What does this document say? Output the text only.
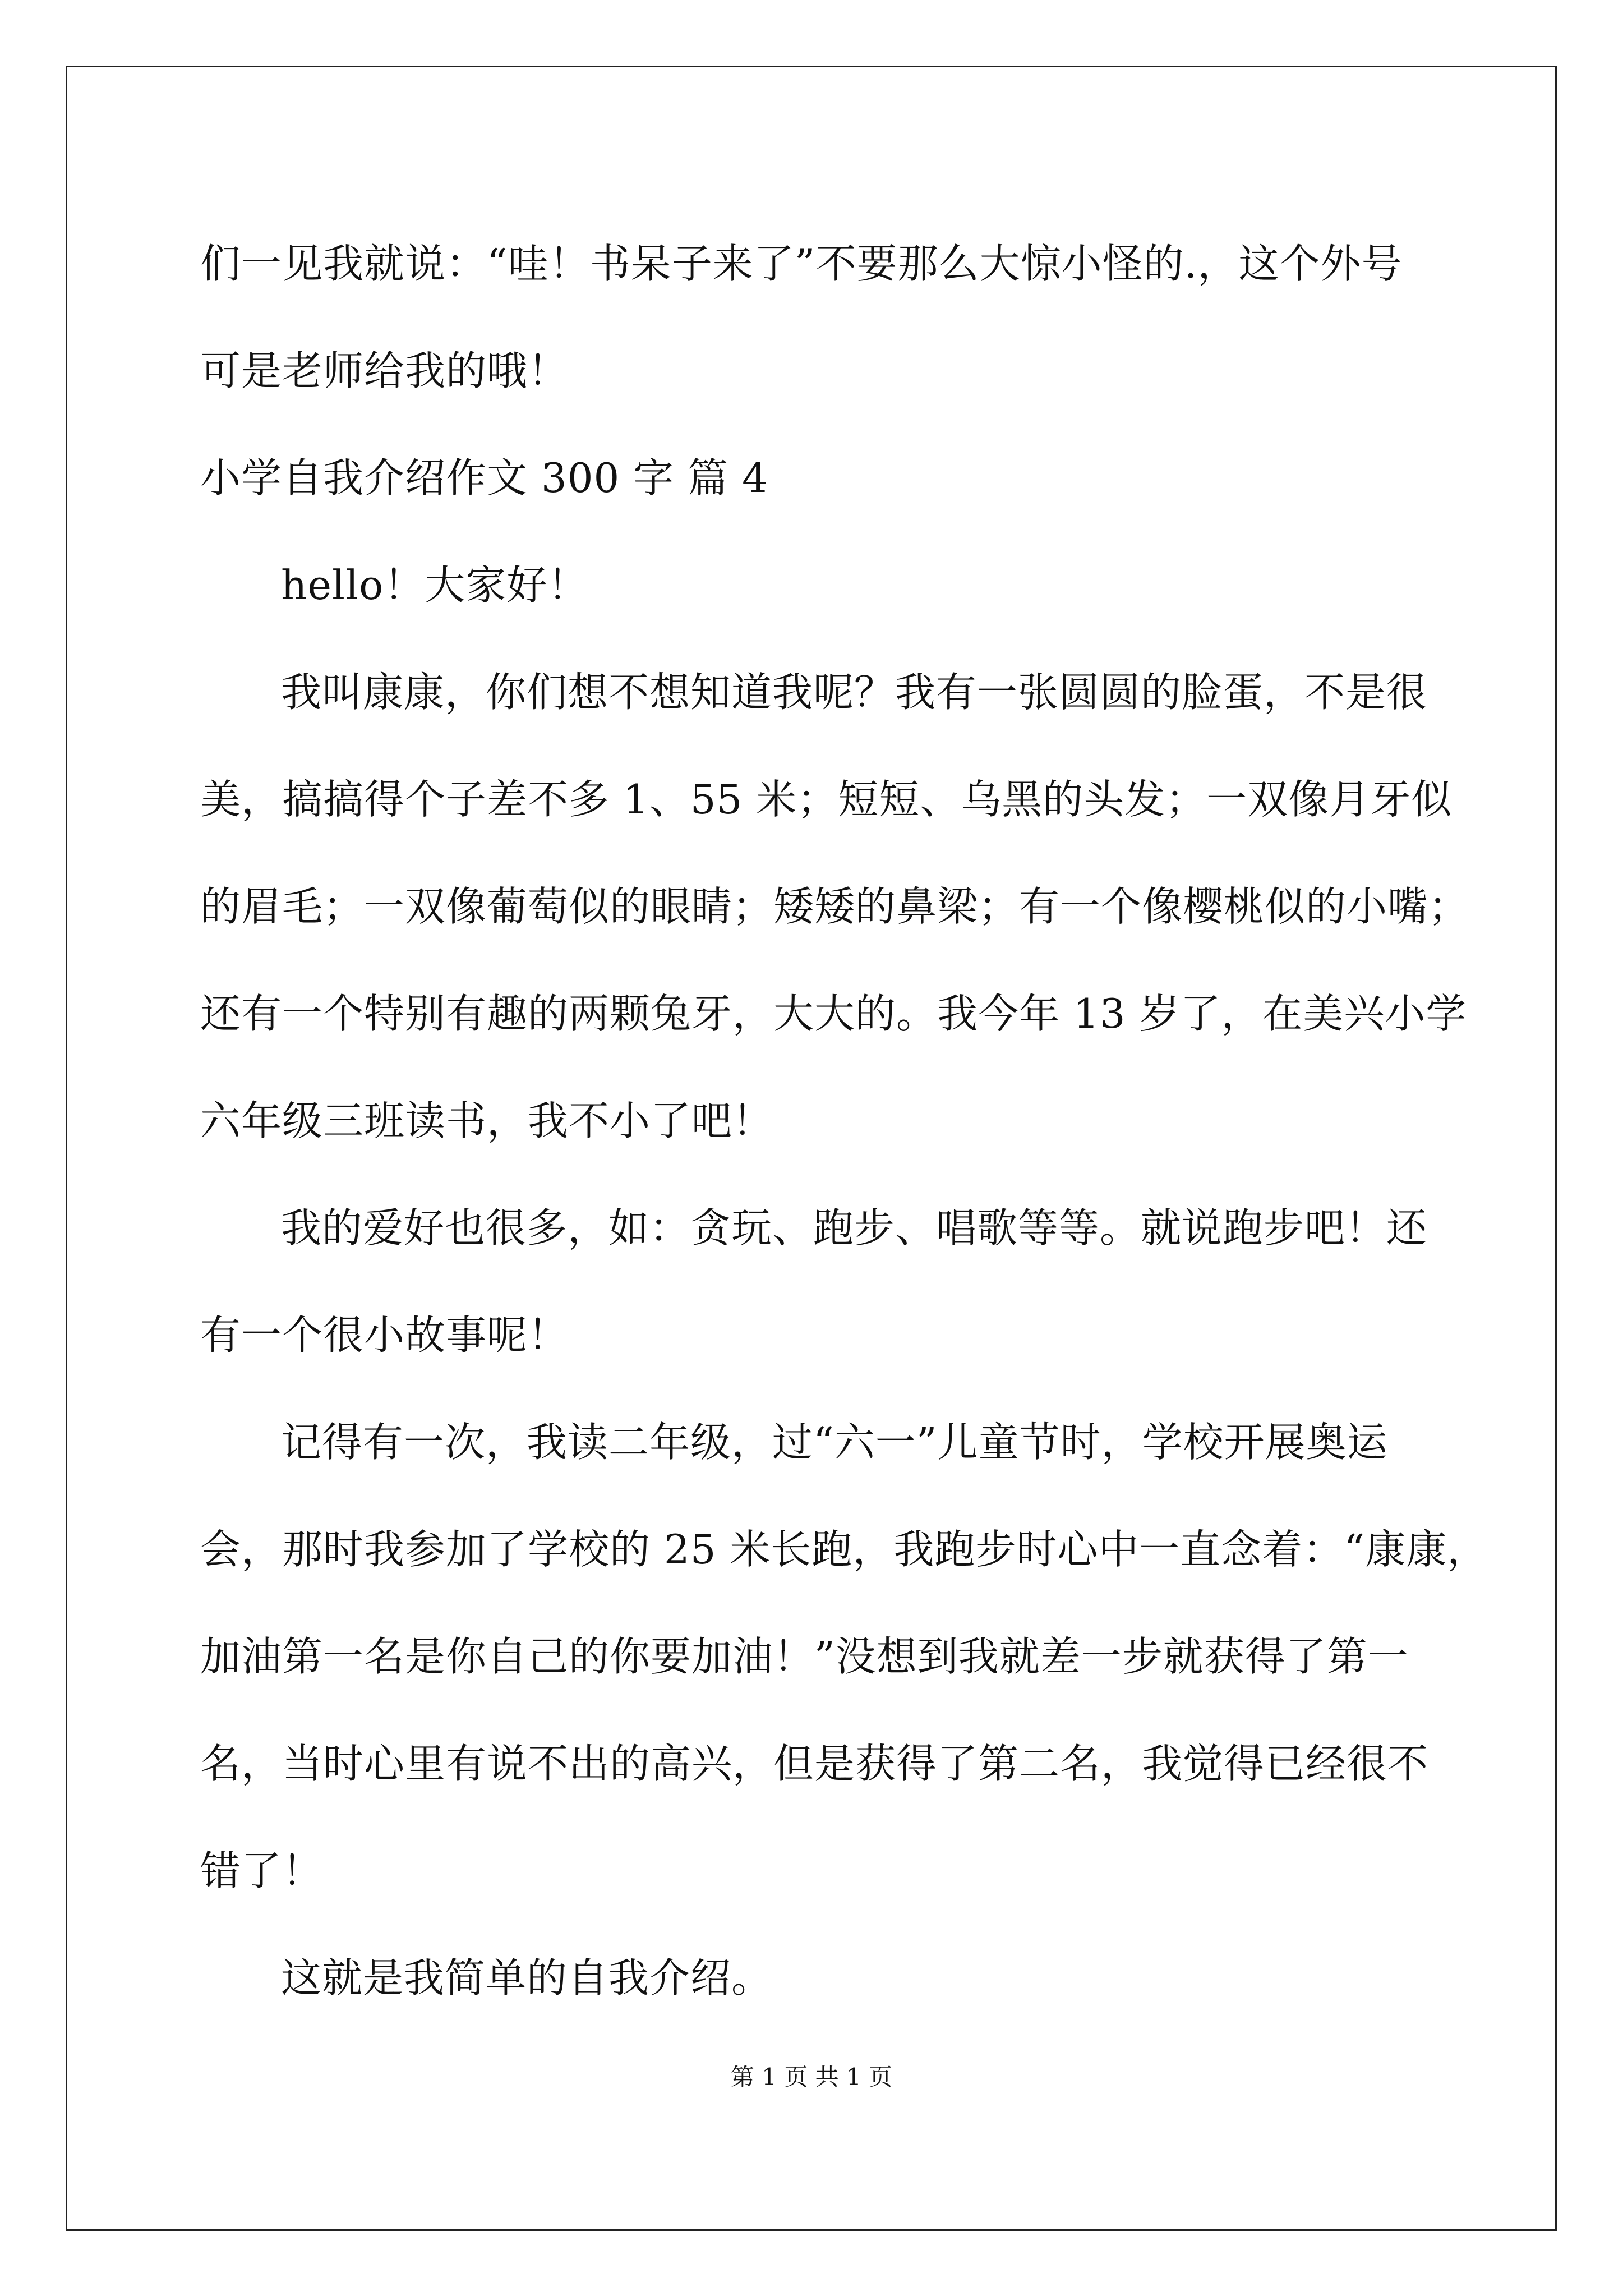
们一见我就说：“哇！书呆子来了”不要那么大惊小怪的.，这个外号
可是老师给我的哦！
小学自我介绍作文 300 字 篇 4
hello！大家好！
我叫康康，你们想不想知道我呢？我有一张圆圆的脸蛋，不是很
美，搞搞得个子差不多 1、55 米；短短、乌黑的头发；一双像月牙似
的眉毛；一双像葡萄似的眼睛；矮矮的鼻梁；有一个像樱桃似的小嘴；
还有一个特别有趣的两颗兔牙，大大的。我今年 13 岁了，在美兴小学
六年级三班读书，我不小了吧！
我的爱好也很多，如：贪玩、跑步、唱歌等等。就说跑步吧！还
有一个很小故事呢！
记得有一次，我读二年级，过“六一”儿童节时，学校开展奥运
会，那时我参加了学校的 25 米长跑，我跑步时心中一直念着：“康康，
加油第一名是你自己的你要加油！”没想到我就差一步就获得了第一
名，当时心里有说不出的高兴，但是获得了第二名，我觉得已经很不
错了！
这就是我简单的自我介绍。
第 1 页 共 1 页
